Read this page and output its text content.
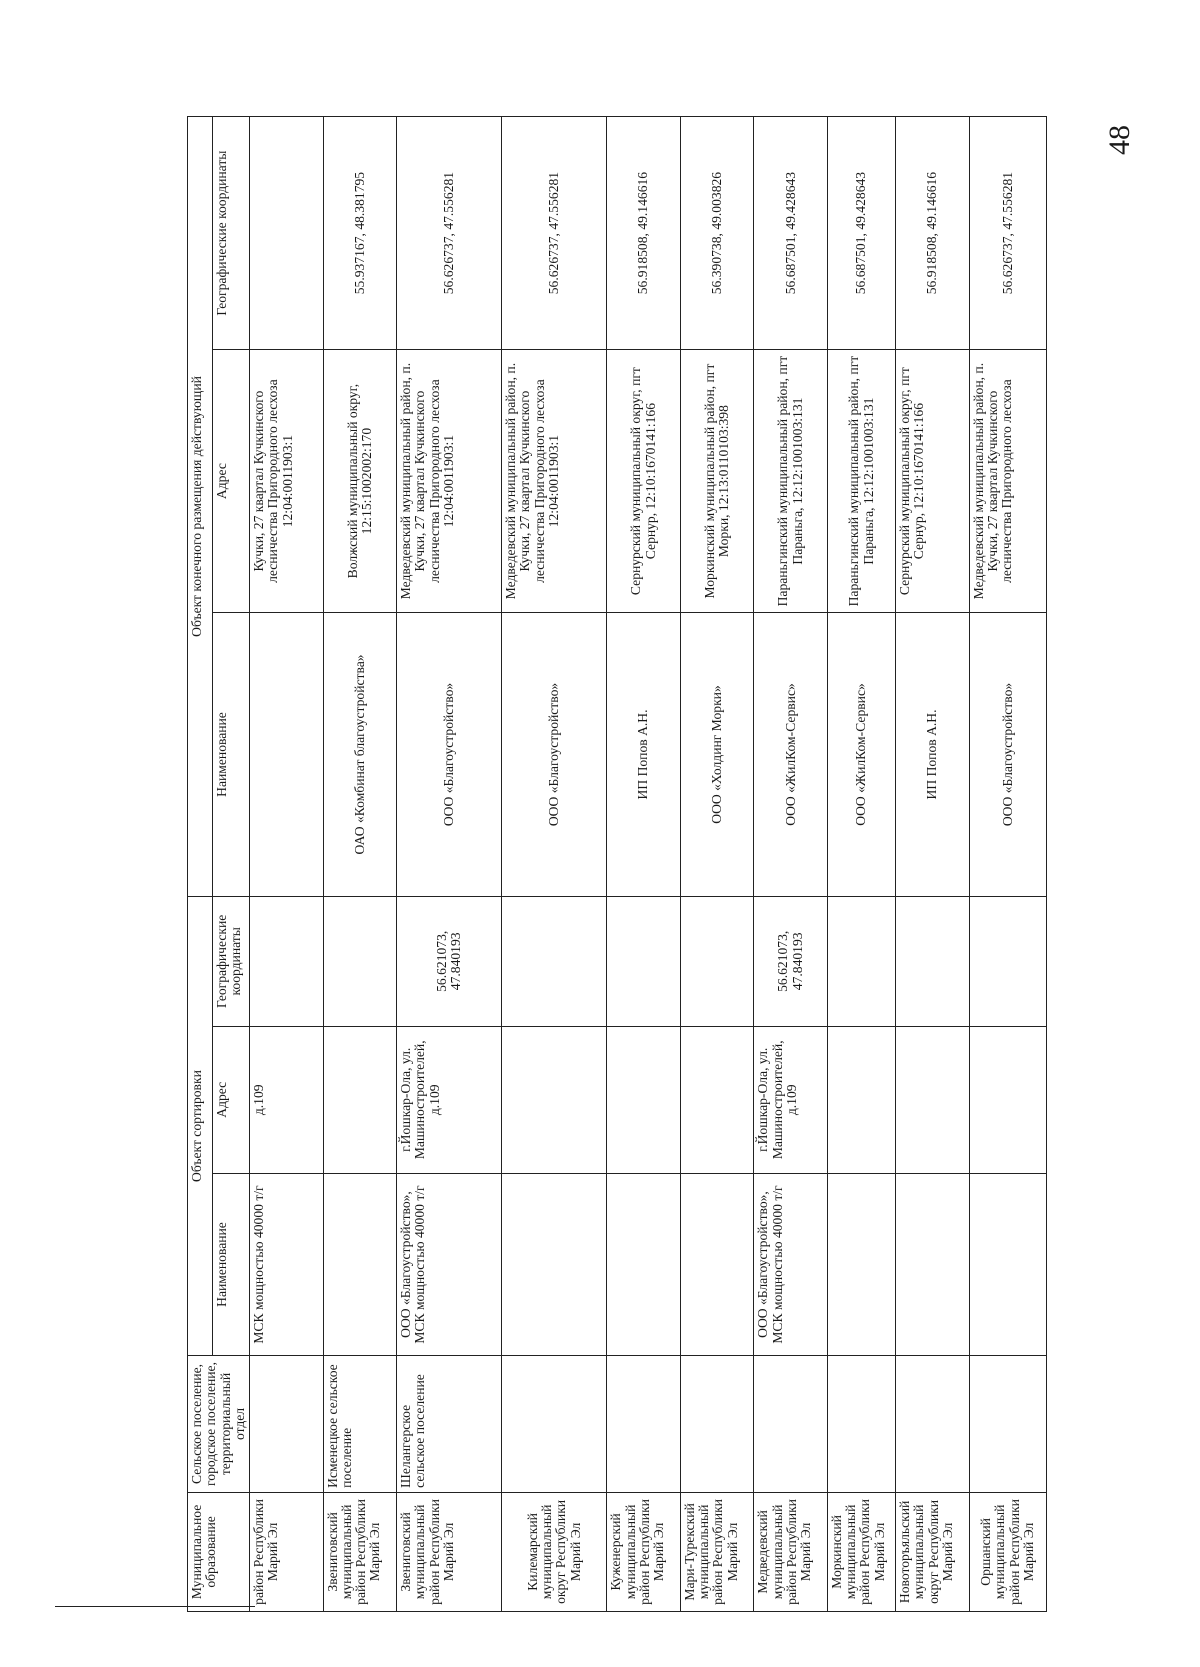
48
Муниципальное образование	Сельское поселение, городское поселение, территориальный отдел	Объект сортировки			Объект конечного размещения действующий		
		Наименование	Адрес	Географические координаты	Наименование	Адрес	Географические координаты
район Республики Марий Эл		МСК мощностью 40000 т/г	д.109			Кучки, 27 квартал Кучкинского лесничества Пригородного лесхоза 12:04:0011903:1	
Звениговский муниципальный район Республики Марий Эл	Исменецкое сельское поселение				ОАО «Комбинат благоустройства»	Волжский муниципальный округ, 12:15:1002002:170	55.937167, 48.381795
Звениговский муниципальный район Республики Марий Эл	Шелангерское сельское поселение	ООО «Благоустройство», МСК мощностью 40000 т/г	г.Йошкар-Ола, ул. Машиностроителей, д.109	56.621073, 47.840193	ООО «Благоустройство»	Медведевский муниципальный район, п. Кучки, 27 квартал Кучкинского лесничества Пригородного лесхоза 12:04:0011903:1	56.626737, 47.556281
Килемарский муниципальный округ Республики Марий Эл					ООО «Благоустройство»	Медведевский муниципальный район, п. Кучки, 27 квартал Кучкинского лесничества Пригородного лесхоза 12:04:0011903:1	56.626737, 47.556281
Куженерский муниципальный район Республики Марий Эл					ИП Попов А.Н.	Сернурский муниципальный округ, пгт Сернур, 12:10:1670141:166	56.918508, 49.146616
Мари-Турекский муниципальный район Республики Марий Эл					ООО «Холдинг Морки»	Моркинский муниципальный район, пгт Морки, 12:13:0110103:398	56.390738, 49.003826
Медведевский муниципальный район Республики Марий Эл		ООО «Благоустройство», МСК мощностью 40000 т/г	г.Йошкар-Ола, ул. Машиностроителей, д.109	56.621073, 47.840193	ООО «ЖилКом-Сервис»	Параньгинский муниципальный район, пгт Параньга, 12:12:1001003:131	56.687501, 49.428643
Моркинский муниципальный район Республики Марий Эл					ООО «ЖилКом-Сервис»	Параньгинский муниципальный район, пгт Параньга, 12:12:1001003:131	56.687501, 49.428643
Новоторъяльский муниципальный округ Республики Марий Эл					ИП Попов А.Н.	Сернурский муниципальный округ, пгт Сернур, 12:10:1670141:166	56.918508, 49.146616
Оршанский муниципальный район Республики Марий Эл					ООО «Благоустройство»	Медведевский муниципальный район, п. Кучки, 27 квартал Кучкинского лесничества Пригородного лесхоза	56.626737, 47.556281
